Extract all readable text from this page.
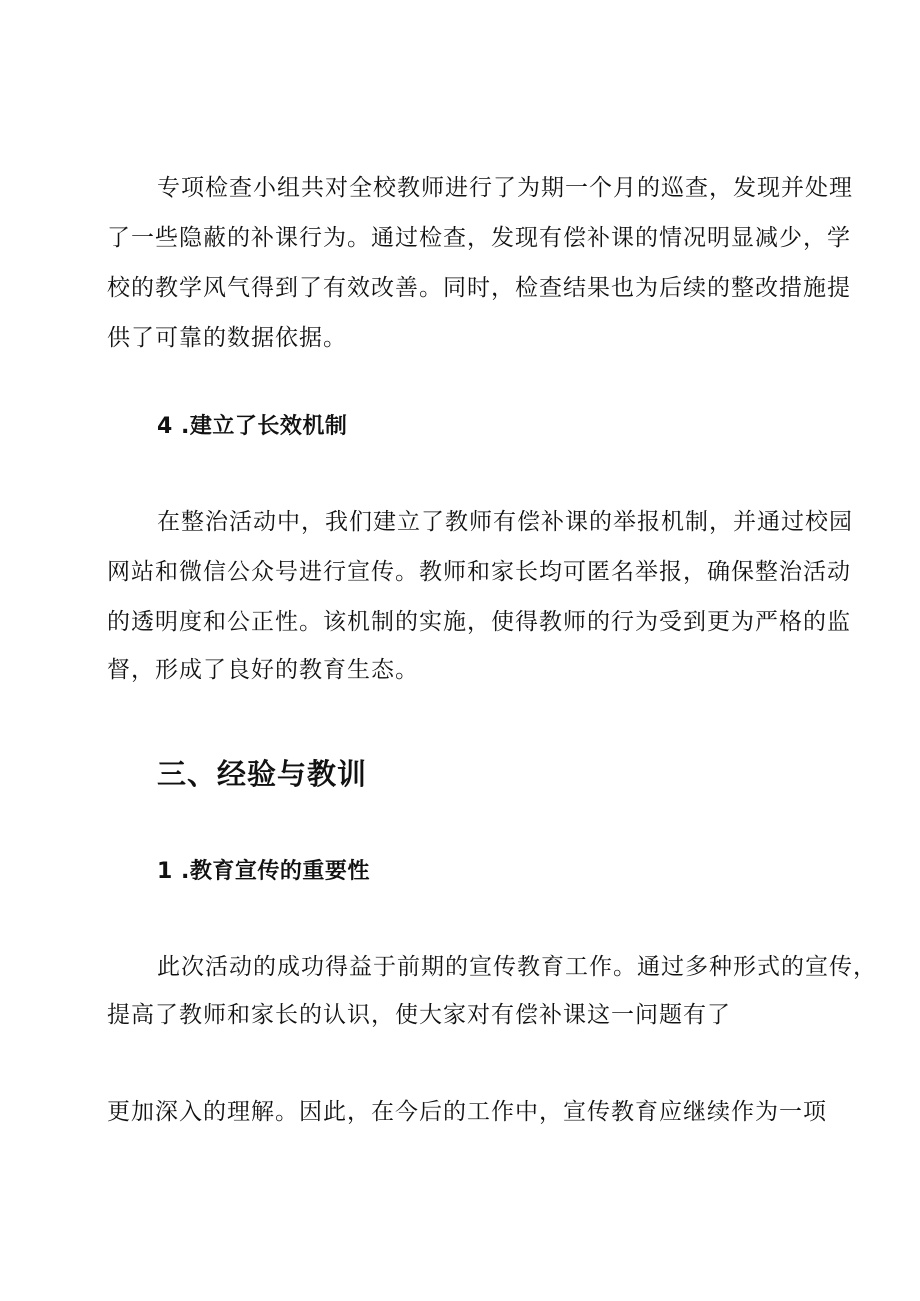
专项检查小组共对全校教师进行了为期一个月的巡查，发现并处理

了一些隐蔽的补课行为。通过检查，发现有偿补课的情况明显减少，学

校的教学风气得到了有效改善。同时，检查结果也为后续的整改措施提

供了可靠的数据依据。

4 .建立了长效机制

在整治活动中，我们建立了教师有偿补课的举报机制，并通过校园

网站和微信公众号进行宣传。教师和家长均可匿名举报，确保整治活动

的透明度和公正性。该机制的实施，使得教师的行为受到更为严格的监

督，形成了良好的教育生态。

三、经验与教训
1 .教育宣传的重要性

此次活动的成功得益于前期的宣传教育工作。通过多种形式的宣传，

提高了教师和家长的认识，使大家对有偿补课这一问题有了

更加深入的理解。因此，在今后的工作中，宣传教育应继续作为一项
